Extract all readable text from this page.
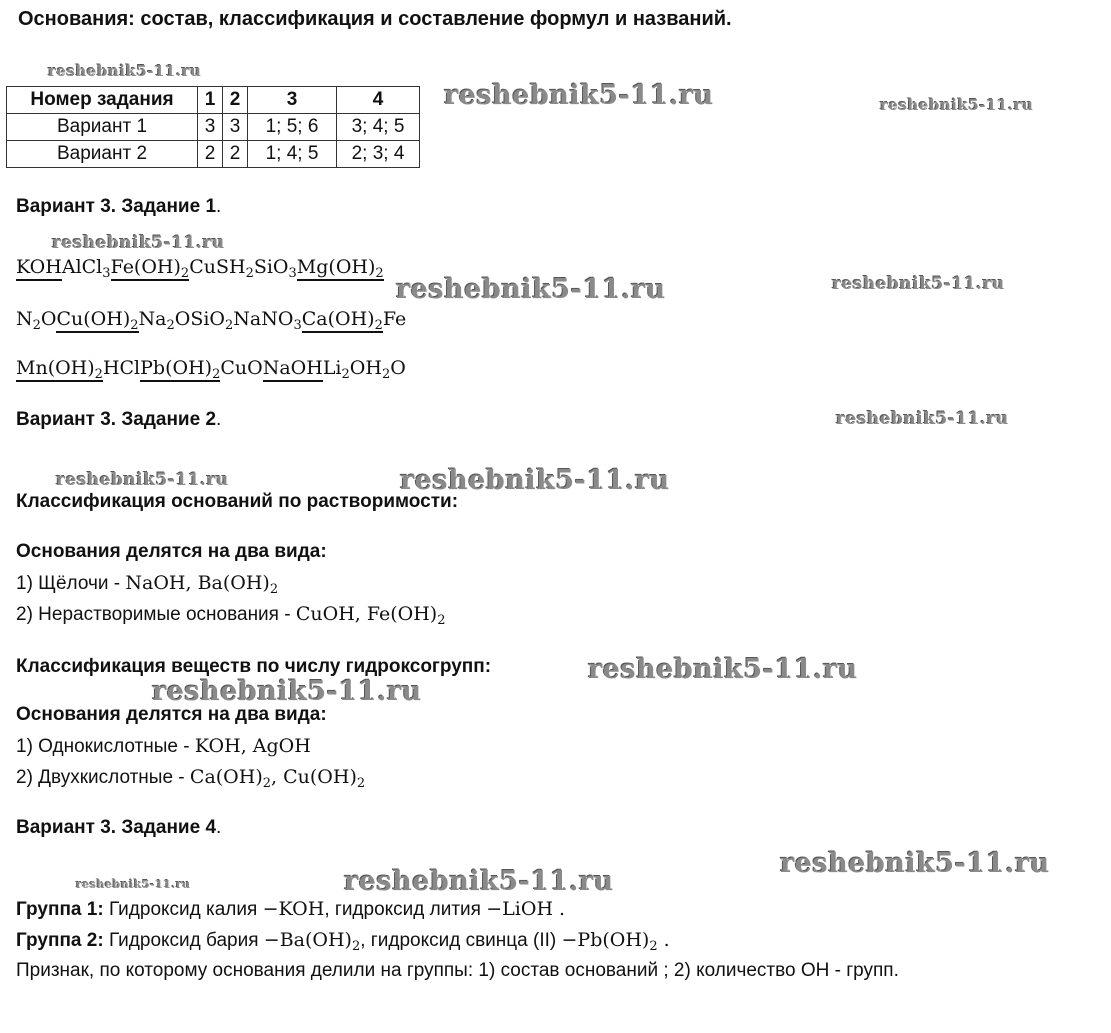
Основания: состав, классификация и составление формул и названий.
reshebnik5-11.ru
reshebnik5-11.ru	reshebnik5-11.ru
Номер задания	1	2	3	4
Вариант 1	3	3	1; 5; 6	3; 4; 5
Вариант 2	2	2	1; 4; 5	2; 3; 4
Вариант 3. Задание 1.
reshebnik5-11.ru
$KOHAlCl_3Fe(OH)_2CuSH_2SiO_3Mg(OH)_2$
reshebnik5-11.ru	reshebnik5-11.ru
$N_2OCu(OH)_2Na_2OSiO_2NaNO_3Ca(OH)_2Fe$
$Mn(OH)_2HClPb(OH)_2CuONaOHLi_2OH_2O$
Вариант 3. Задание 2.	reshebnik5-11.ru
reshebnik5-11.ru	reshebnik5-11.ru
Классификация оснований по растворимости:
Основания делятся на два вида:
1) Щёлочи - NaOH, $Ba(OH)_2$
2) Нерастворимые основания - CuOH, $Fe(OH)_2$
Классификация веществ по числу гидроксогрупп:	reshebnik5-11.ru
reshebnik5-11.ru
Основания делятся на два вида:
1) Однокислотные - KOH, AgOH
2) Двухкислотные - $Ca(OH)_2$, $Cu(OH)_2$
Вариант 3. Задание 4.
reshebnik5-11.ru
reshebnik5-11.ru	reshebnik5-11.ru
Группа 1: Гидроксид калия −KOH, гидроксид лития −LiOH .
Группа 2: Гидроксид бария $-Ba(OH)_2$, гидроксид свинца $(II) -Pb(OH)_2$ .
Признак, по которому основания делили на группы: 1) состав оснований ; 2) количество ОН - групп.
